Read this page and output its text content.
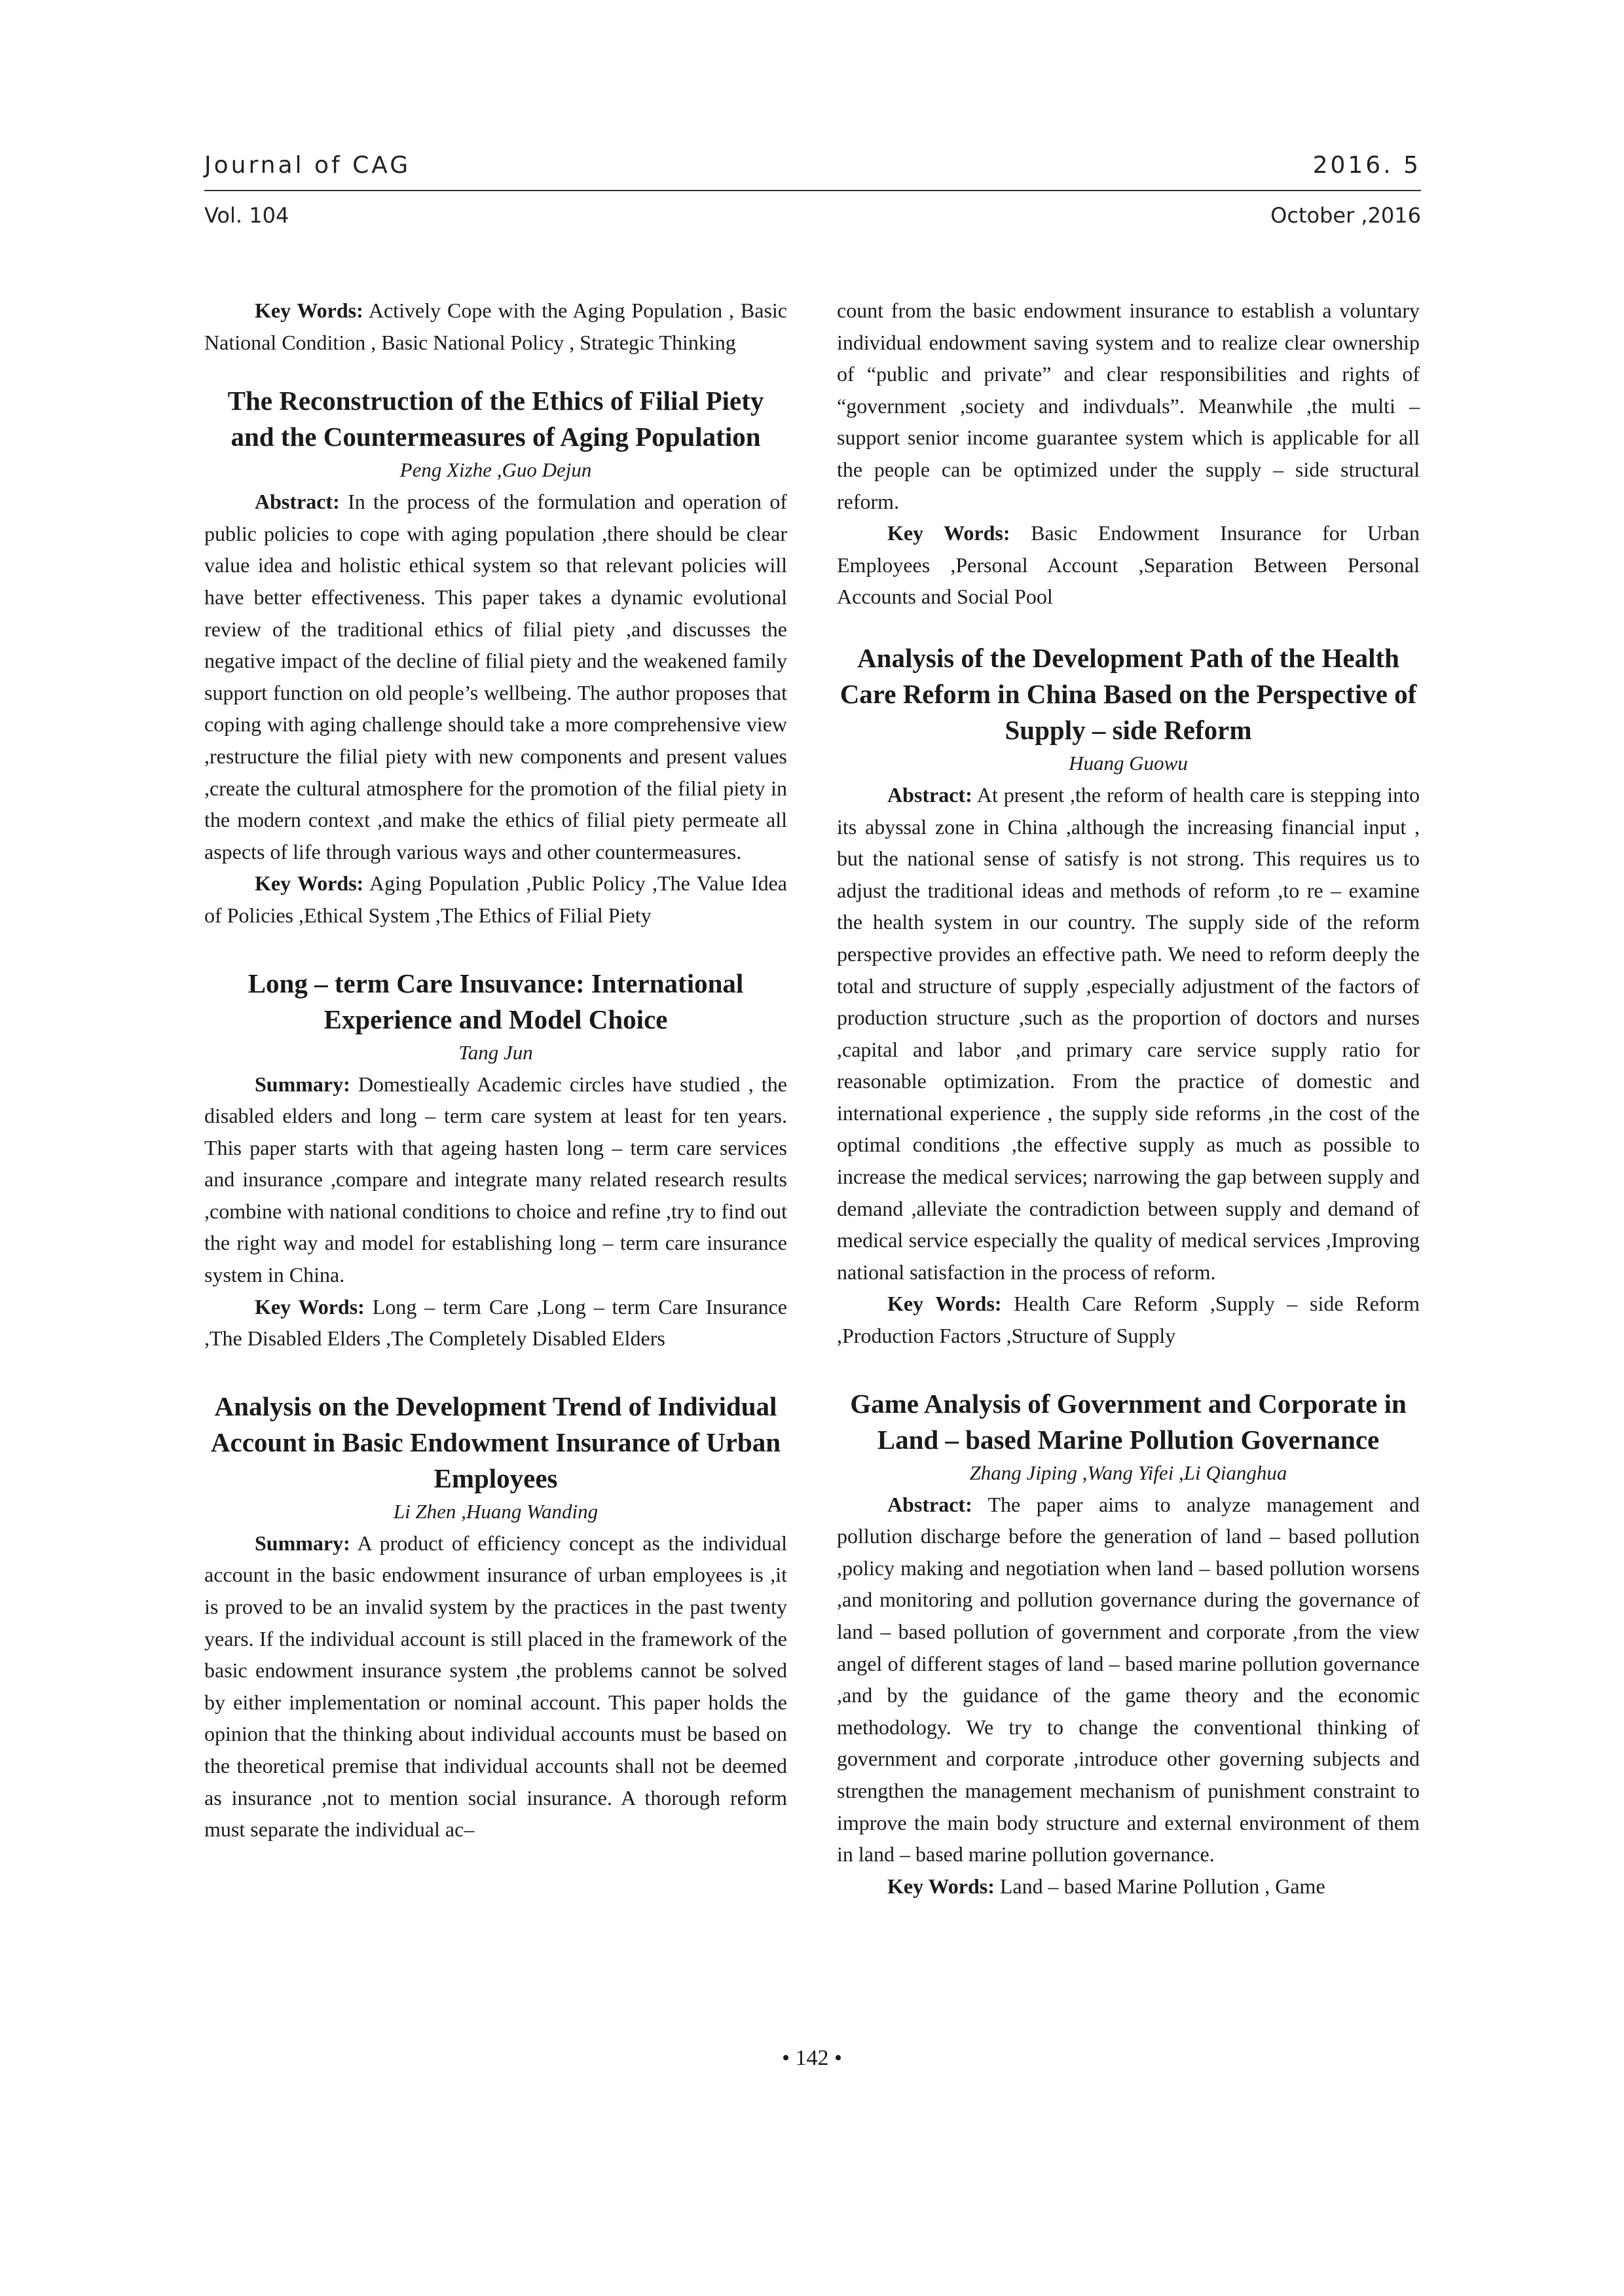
Journal of CAG	2016. 5
Vol. 104	October ,2016

Key Words: Actively Cope with the Aging Population , Basic National Condition , Basic National Policy , Strategic Thinking

The Reconstruction of the Ethics of Filial Piety and the Countermeasures of Aging Population

Peng Xizhe ,Guo Dejun

Abstract: In the process of the formulation and operation of public policies to cope with aging population ,there should be clear value idea and holistic ethical system so that relevant policies will have better effectiveness. This paper takes a dynamic evolutional review of the traditional ethics of filial piety ,and discusses the negative impact of the decline of filial piety and the weakened family support function on old people’s wellbeing. The author proposes that coping with aging challenge should take a more comprehensive view ,restructure the filial piety with new components and present values ,create the cultural atmosphere for the promotion of the filial piety in the modern context ,and make the ethics of filial piety permeate all aspects of life through various ways and other countermeasures.

Key Words: Aging Population ,Public Policy ,The Value Idea of Policies ,Ethical System ,The Ethics of Filial Piety

Long – term Care Insuvance: International Experience and Model Choice

Tang Jun

Summary: Domestieally Academic circles have studied , the disabled elders and long – term care system at least for ten years. This paper starts with that ageing hasten long – term care services and insurance ,compare and integrate many related research results ,combine with national conditions to choice and refine ,try to find out the right way and model for establishing long – term care insurance system in China.

Key Words: Long – term Care ,Long – term Care Insurance ,The Disabled Elders ,The Completely Disabled Elders

Analysis on the Development Trend of Individual Account in Basic Endowment Insurance of Urban Employees

Li Zhen ,Huang Wanding

Summary: A product of efficiency concept as the individual account in the basic endowment insurance of urban employees is ,it is proved to be an invalid system by the practices in the past twenty years. If the individual account is still placed in the framework of the basic endowment insurance system ,the problems cannot be solved by either implementation or nominal account. This paper holds the opinion that the thinking about individual accounts must be based on the theoretical premise that individual accounts shall not be deemed as insurance ,not to mention social insurance. A thorough reform must separate the individual ac–

count from the basic endowment insurance to establish a voluntary individual endowment saving system and to realize clear ownership of “public and private” and clear responsibilities and rights of “government ,society and indivduals”. Meanwhile ,the multi – support senior income guarantee system which is applicable for all the people can be optimized under the supply – side structural reform.

Key Words: Basic Endowment Insurance for Urban Employees ,Personal Account ,Separation Between Personal Accounts and Social Pool

Analysis of the Development Path of the Health Care Reform in China Based on the Perspective of Supply – side Reform

Huang Guowu

Abstract: At present ,the reform of health care is stepping into its abyssal zone in China ,although the increasing financial input , but the national sense of satisfy is not strong. This requires us to adjust the traditional ideas and methods of reform ,to re – examine the health system in our country. The supply side of the reform perspective provides an effective path. We need to reform deeply the total and structure of supply ,especially adjustment of the factors of production structure ,such as the proportion of doctors and nurses ,capital and labor ,and primary care service supply ratio for reasonable optimization. From the practice of domestic and international experience , the supply side reforms ,in the cost of the optimal conditions ,the effective supply as much as possible to increase the medical services; narrowing the gap between supply and demand ,alleviate the contradiction between supply and demand of medical service especially the quality of medical services ,Improving national satisfaction in the process of reform.

Key Words: Health Care Reform ,Supply – side Reform ,Production Factors ,Structure of Supply

Game Analysis of Government and Corporate in Land – based Marine Pollution Governance

Zhang Jiping ,Wang Yifei ,Li Qianghua

Abstract: The paper aims to analyze management and pollution discharge before the generation of land – based pollution ,policy making and negotiation when land – based pollution worsens ,and monitoring and pollution governance during the governance of land – based pollution of government and corporate ,from the view angel of different stages of land – based marine pollution governance ,and by the guidance of the game theory and the economic methodology. We try to change the conventional thinking of government and corporate ,introduce other governing subjects and strengthen the management mechanism of punishment constraint to improve the main body structure and external environment of them in land – based marine pollution governance.

Key Words: Land – based Marine Pollution , Game

• 142 •
